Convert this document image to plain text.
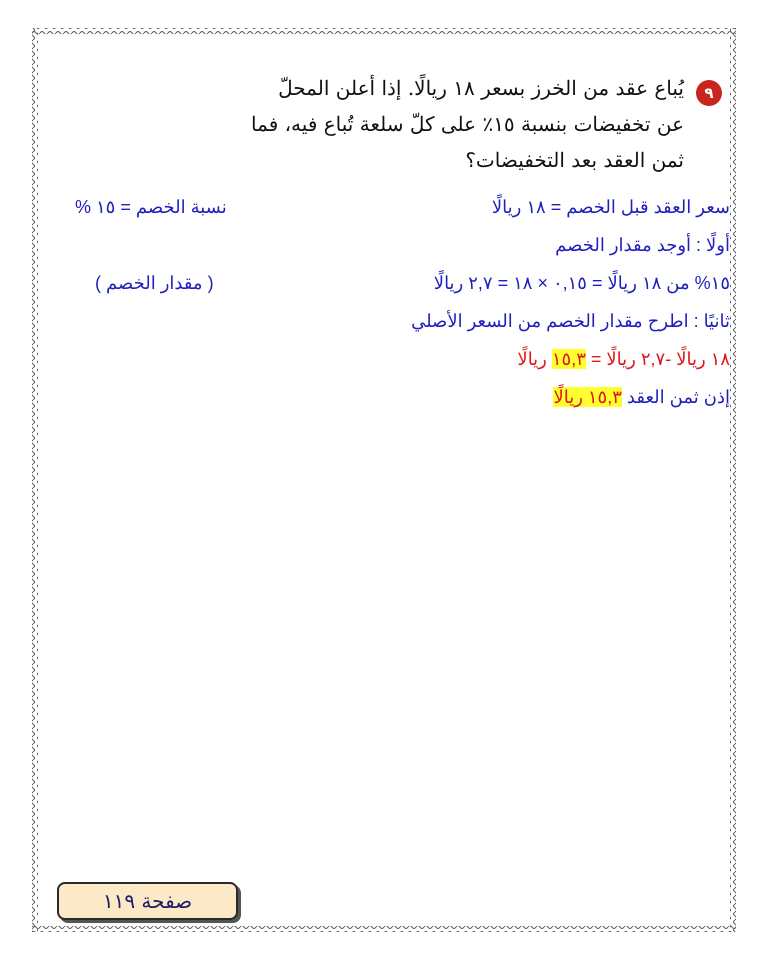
٩
يُباع عقد من الخرز بسعر ١٨ ريالًا. إذا أعلن المحلّ
عن تخفيضات بنسبة ١٥٪ على كلّ سلعة تُباع فيه، فما
ثمن العقد بعد التخفيضات؟
سعر العقد قبل الخصم = ١٨ ريالًا
نسبة الخصم = ١٥ %
أولًا : أوجد مقدار الخصم
١٥% من ١٨ ريالًا = ٠,١٥ × ١٨ = ٢,٧ ريالًا
( مقدار الخصم )
ثانيًا : اطرح مقدار الخصم من السعر الأصلي
١٨ ريالًا -٢,٧ ريالًا = ١٥,٣ ريالًا
إذن ثمن العقد ١٥,٣ ريالًا
صفحة ١١٩
